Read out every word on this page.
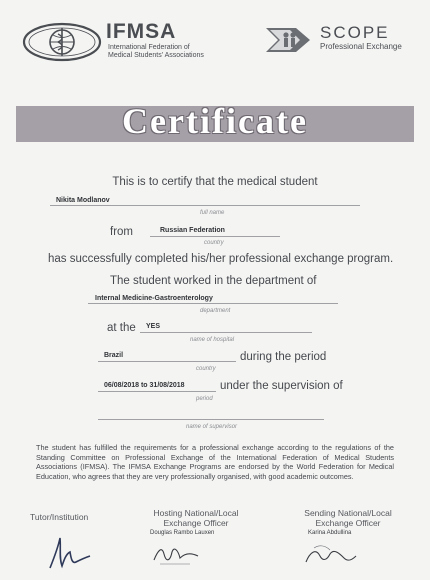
IFMSA
International Federation of
Medical Students' Associations
SCOPE
Professional Exchange
Certificate
This is to certify that the medical student
Nikita Modlanov
full name
from	Russian Federation
country
has successfully completed his/her professional exchange program.
The student worked in the department of
Internal Medicine-Gastroenterology
department
at the YES
name of hospital
Brazil	during the period
country
06/08/2018 to 31/08/2018	under the supervision of
period
name of supervisor
The student has fulfilled the requirements for a professional exchange according to the regulations of the Standing Committee on Professional Exchange of the International Federation of Medical Students Associations (IFMSA). The IFMSA Exchange Programs are endorsed by the World Federation for Medical Education, who agrees that they are very professionally organised, with good academic outcomes.
Tutor/Institution	Hosting National/Local
Exchange Officer
Douglas Rambo Lauxen
Sending National/Local
Exchange Officer
Karina Abdullina
